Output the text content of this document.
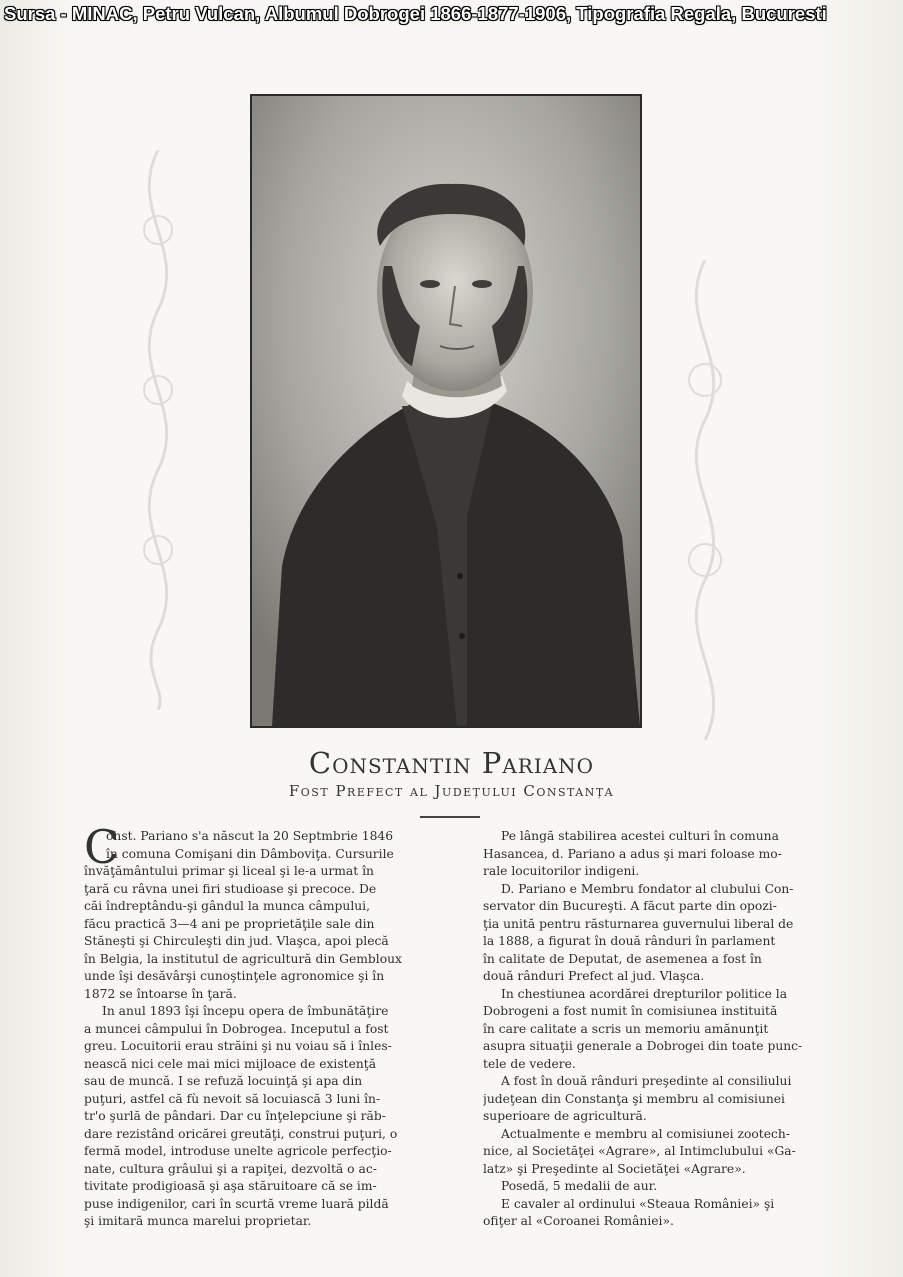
Sursa - MINAC, Petru Vulcan, Albumul Dobrogei 1866-1877-1906, Tipografia Regala, Bucuresti
Constantin Pariano
Fost Prefect al Județului Constanța
C
onst. Pariano s'a născut la 20 Septmbrie 1846
în comuna Comişani din Dâmboviţa. Cursurile
învăţământului primar şi liceal şi le-a urmat în
ţară cu râvna unei firi studioase şi precoce. De
căi îndreptându-şi gândul la munca câmpului,
făcu practică 3—4 ani pe proprietăţile sale din
Stăneşti şi Chirculeşti din jud. Vlaşca, apoi plecă
în Belgia, la institutul de agricultură din Gembloux
unde îşi desăvârşi cunoştinţele agronomice şi în
1872 se întoarse în ţară.
In anul 1893 îşi începu opera de îmbunătăţire
a muncei câmpului în Dobrogea. Inceputul a fost
greu. Locuitorii erau străini şi nu voiau să i înles-
nească nici cele mai mici mijloace de existenţă
sau de muncă. I se refuză locuinţă şi apa din
puţuri, astfel că fù nevoit să locuiască 3 luni în-
tr'o şurlă de pândari. Dar cu înţelepciune şi răb-
dare rezistând oricărei greutăţi, construi puţuri, o
fermă model, introduse unelte agricole perfecţio-
nate, cultura grâului şi a rapiţei, dezvoltă o ac-
tivitate prodigioasă şi aşa stăruitoare că se im-
puse indigenilor, cari în scurtă vreme luară pildă
şi imitară munca marelui proprietar.
Pe lângă stabilirea acestei culturi în comuna
Hasancea, d. Pariano a adus şi mari foloase mo-
rale locuitorilor indigeni.
D. Pariano e Membru fondator al clubului Con-
servator din Bucureşti. A făcut parte din opozi-
ţia unită pentru răsturnarea guvernului liberal de
la 1888, a figurat în două rânduri în parlament
în calitate de Deputat, de asemenea a fost în
două rânduri Prefect al jud. Vlaşca.
In chestiunea acordărei drepturilor politice la
Dobrogeni a fost numit în comisiunea instituită
în care calitate a scris un memoriu amănunţit
asupra situaţii generale a Dobrogei din toate punc-
tele de vedere.
A fost în două rânduri preşedinte al consiliului
judeţean din Constanţa şi membru al comisiunei
superioare de agricultură.
Actualmente e membru al comisiunei zootech-
nice, al Societăţei «Agrare», al Intimclubului «Ga-
latz» şi Preşedinte al Societăţei «Agrare».
Posedă, 5 medalii de aur.
E cavaler al ordinului «Steaua României» şi
ofiţer al «Coroanei României».
